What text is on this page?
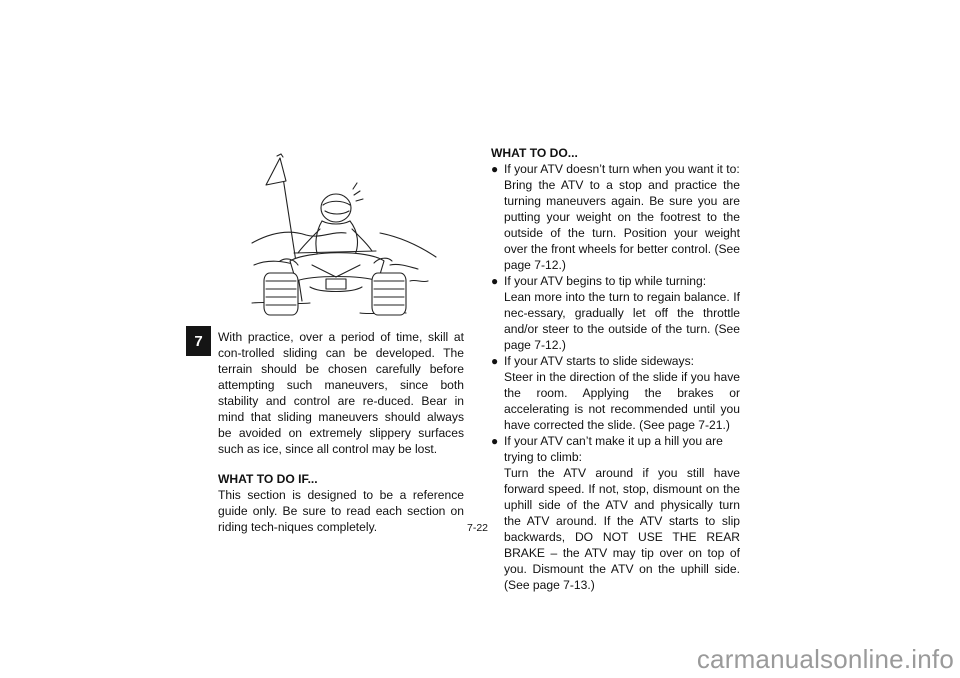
7	With practice, over a period of time, skill at con-trolled sliding can be developed. The terrain should be chosen carefully before attempting such maneuvers, since both stability and control are re-duced. Bear in mind that sliding maneuvers should always be avoided on extremely slippery surfaces such as ice, since all control may be lost.

WHAT TO DO IF...

This section is designed to be a reference guide only. Be sure to read each section on riding tech-niques completely.

WHAT TO DO...

● If your ATV doesn’t turn when you want it to:
Bring the ATV to a stop and practice the turning maneuvers again. Be sure you are putting your weight on the footrest to the outside of the turn. Position your weight over the front wheels for better control. (See page 7-12.)
● If your ATV begins to tip while turning:
Lean more into the turn to regain balance. If nec-essary, gradually let off the throttle and/or steer to the outside of the turn. (See page 7-12.)
● If your ATV starts to slide sideways:
Steer in the direction of the slide if you have the room. Applying the brakes or accelerating is not recommended until you have corrected the slide. (See page 7-21.)
● If your ATV can’t make it up a hill you are trying to climb:
Turn the ATV around if you still have forward speed. If not, stop, dismount on the uphill side of the ATV and physically turn the ATV around. If the ATV starts to slip backwards, DO NOT USE THE REAR BRAKE – the ATV may tip over on top of you. Dismount the ATV on the uphill side. (See page 7-13.)
7-22
carmanualsonline.info
